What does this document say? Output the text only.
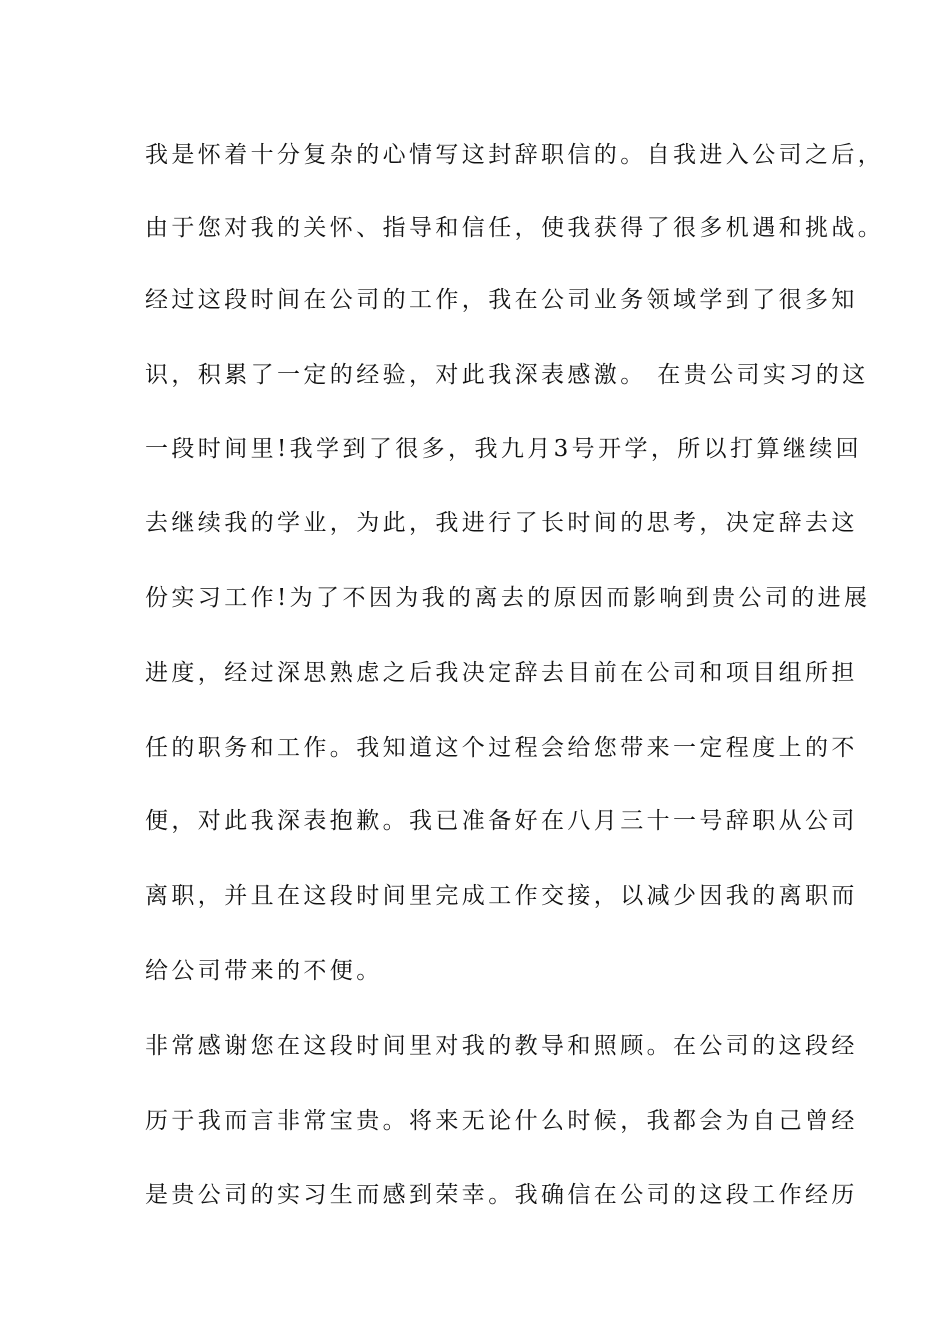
我是怀着十分复杂的心情写这封辞职信的。自我进入公司之后，

由于您对我的关怀、指导和信任，使我获得了很多机遇和挑战。

经过这段时间在公司的工作，我在公司业务领域学到了很多知

识，积累了一定的经验，对此我深表感激。 在贵公司实习的这

一段时间里!我学到了很多，我九月3号开学，所以打算继续回

去继续我的学业，为此，我进行了长时间的思考，决定辞去这

份实习工作!为了不因为我的离去的原因而影响到贵公司的进展

进度，经过深思熟虑之后我决定辞去目前在公司和项目组所担

任的职务和工作。我知道这个过程会给您带来一定程度上的不

便，对此我深表抱歉。我已准备好在八月三十一号辞职从公司

离职，并且在这段时间里完成工作交接，以减少因我的离职而

给公司带来的不便。

非常感谢您在这段时间里对我的教导和照顾。在公司的这段经

历于我而言非常宝贵。将来无论什么时候，我都会为自己曾经

是贵公司的实习生而感到荣幸。我确信在公司的这段工作经历
